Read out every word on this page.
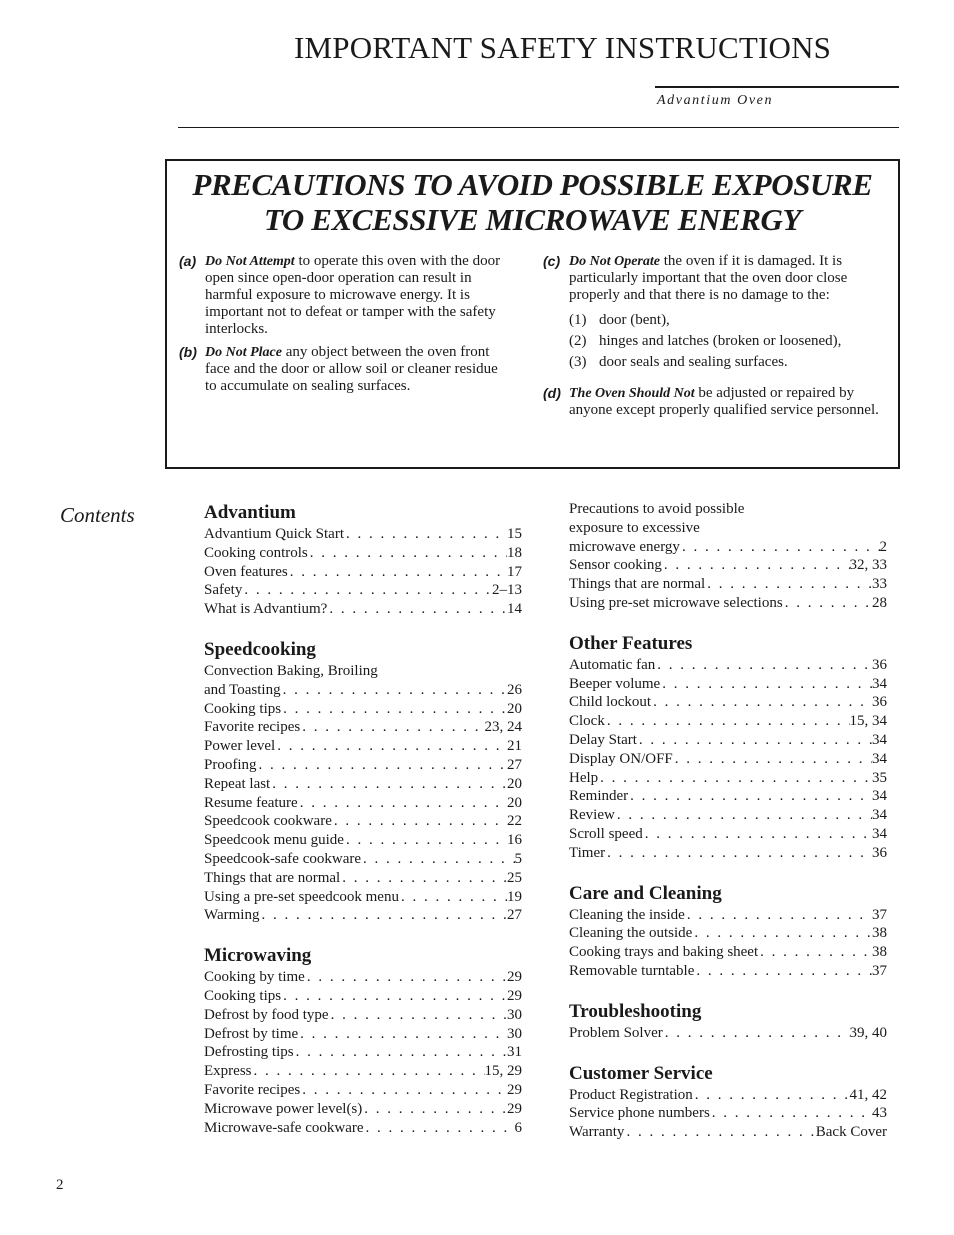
IMPORTANT SAFETY INSTRUCTIONS
Advantium Oven
PRECAUTIONS TO AVOID POSSIBLE EXPOSURE
TO EXCESSIVE MICROWAVE ENERGY
(a) Do Not Attempt to operate this oven with the door open since open-door operation can result in harmful exposure to microwave energy. It is important not to defeat or tamper with the safety interlocks.
(b) Do Not Place any object between the oven front face and the door or allow soil or cleaner residue to accumulate on sealing surfaces.
(c) Do Not Operate the oven if it is damaged. It is particularly important that the oven door close properly and that there is no damage to the:
(1) door (bent),
(2) hinges and latches (broken or loosened),
(3) door seals and sealing surfaces.
(d) The Oven Should Not be adjusted or repaired by anyone except properly qualified service personnel.
Contents	Advantium
Advantium Quick Start . . .	15
Cooking controls . . .	18
Oven features . . .	17
Safety . . .	2–13
What is Advantium? . . .	14
Speedcooking
Convection Baking, Broiling
and Toasting . . .	26
Cooking tips . . .	20
Favorite recipes . . .	23, 24
Power level . . .	21
Proofing . . .	27
Repeat last . . .	20
Resume feature . . .	20
Speedcook cookware . . .	22
Speedcook menu guide . . .	16
Speedcook-safe cookware . . .	5
Things that are normal . . .	25
Using a pre-set speedcook menu . . .	19
Warming . . .	27
Microwaving
Cooking by time . . .	29
Cooking tips . . .	29
Defrost by food type . . .	30
Defrost by time . . .	30
Defrosting tips . . .	31
Express . . .	15, 29
Favorite recipes . . .	29
Microwave power level(s) . . .	29
Microwave-safe cookware . . .	6
Precautions to avoid possible
exposure to excessive
microwave energy . . .	2
Sensor cooking . . .	32, 33
Things that are normal . . .	33
Using pre-set microwave selections . . .	28
Other Features
Automatic fan . . .	36
Beeper volume . . .	34
Child lockout . . .	36
Clock . . .	15, 34
Delay Start . . .	34
Display ON/OFF . . .	34
Help . . .	35
Reminder . . .	34
Review . . .	34
Scroll speed . . .	34
Timer . . .	36
Care and Cleaning
Cleaning the inside . . .	37
Cleaning the outside . . .	38
Cooking trays and baking sheet . . .	38
Removable turntable . . .	37
Troubleshooting
Problem Solver . . .	39, 40
Customer Service
Product Registration . . .	41, 42
Service phone numbers . . .	43
Warranty . . .	Back Cover
2
